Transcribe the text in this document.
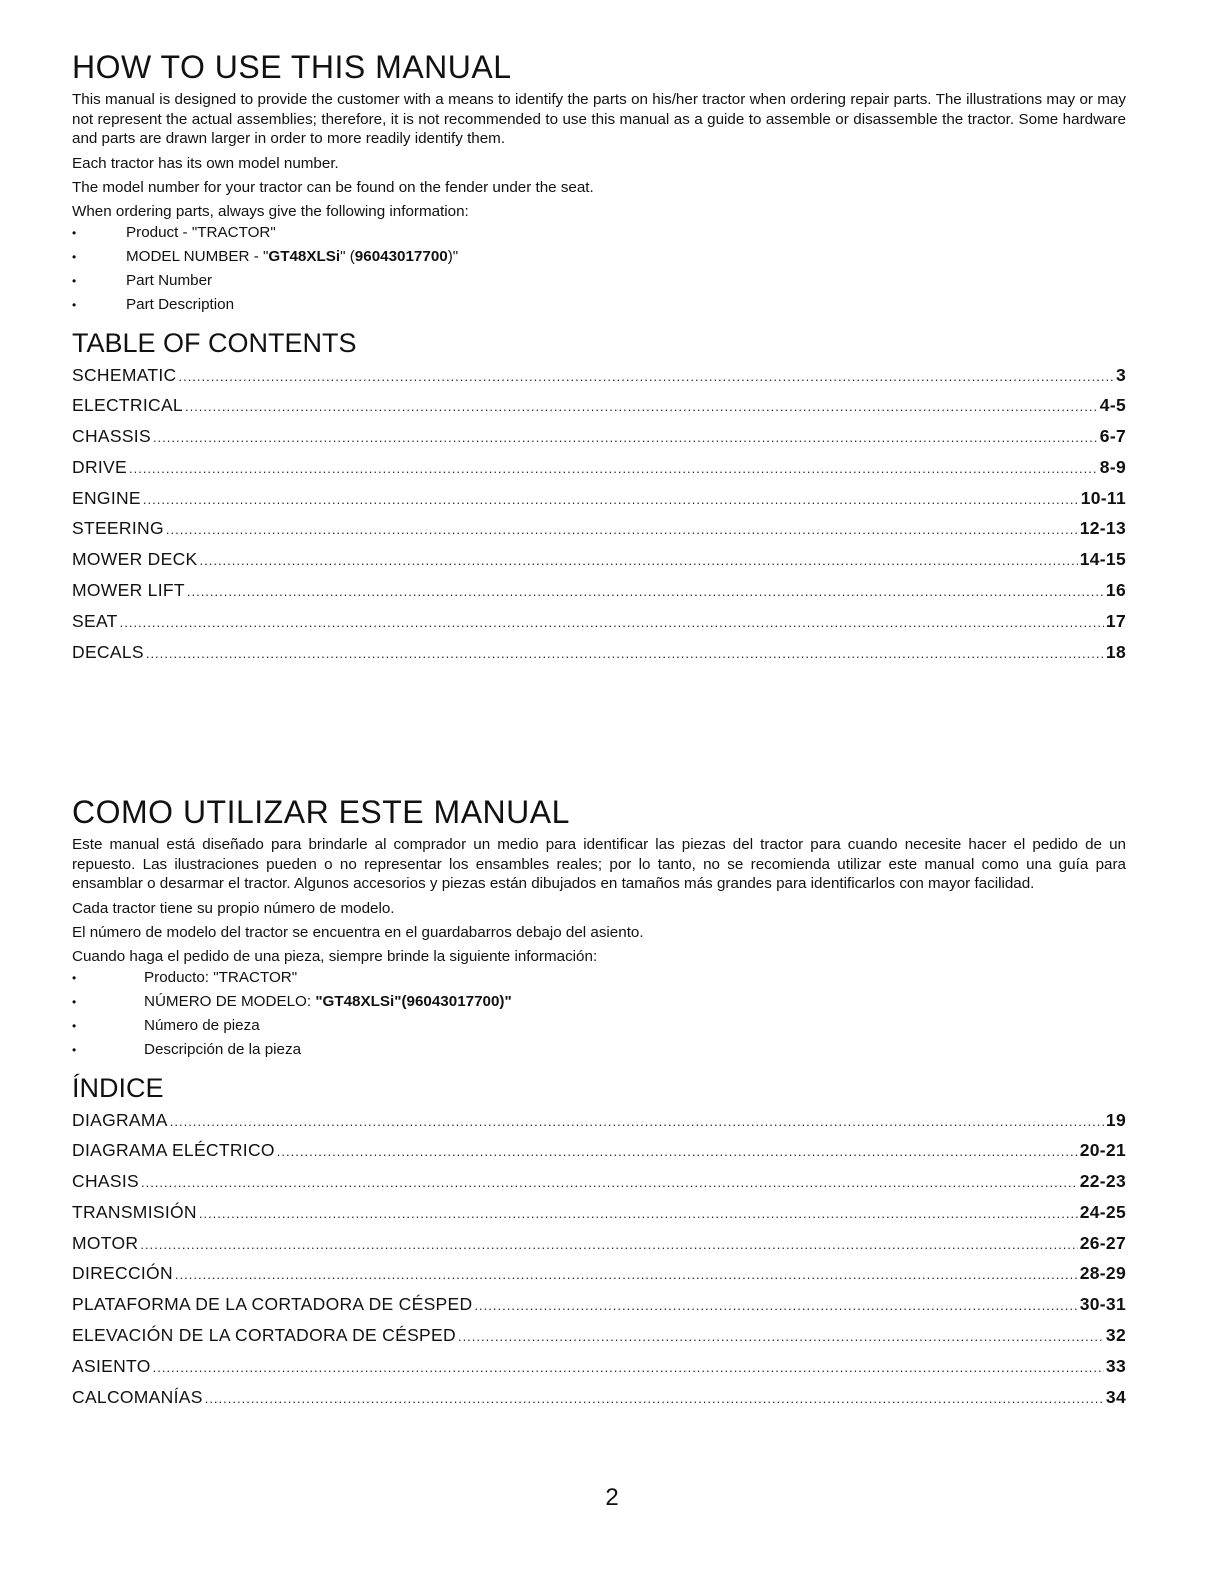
HOW TO USE THIS MANUAL

This manual is designed to provide the customer with a means to identify the parts on his/her tractor when ordering repair parts. The illustrations may or may not represent the actual assemblies; therefore, it is not recommended to use this manual as a guide to assemble or disassemble the tractor. Some hardware and parts are drawn larger in order to more readily identify them.

Each tractor has its own model number.

The model number for your tractor can be found on the fender under the seat.

When ordering parts, always give the following information:

• Product - "TRACTOR"
• MODEL NUMBER - "GT48XLSi" (96043017700)"
• Part Number
• Part Description
TABLE OF CONTENTS
SCHEMATIC .....	3
ELECTRICAL .....	4-5
CHASSIS .....	6-7
DRIVE .....	8-9
ENGINE .....	10-11
STEERING .....	12-13
MOWER DECK .....	14-15
MOWER LIFT .....	16
SEAT .....	17
DECALS .....	18
COMO UTILIZAR ESTE MANUAL

Este manual está diseñado para brindarle al comprador un medio para identificar las piezas del tractor para cuando necesite hacer el pedido de un repuesto. Las ilustraciones pueden o no representar los ensambles reales; por lo tanto, no se recomienda utilizar este manual como una guía para ensamblar o desarmar el tractor. Algunos accesorios y piezas están dibujados en tamaños más grandes para identificarlos con mayor facilidad.

Cada tractor tiene su propio número de modelo.

El número de modelo del tractor se encuentra en el guardabarros debajo del asiento.

Cuando haga el pedido de una pieza, siempre brinde la siguiente información:

• Producto: "TRACTOR"
• NÚMERO DE MODELO: "GT48XLSi"(96043017700)"
• Número de pieza
• Descripción de la pieza
ÍNDICE
DIAGRAMA .....	19
DIAGRAMA ELÉCTRICO .....	20-21
CHASIS .....	22-23
TRANSMISIÓN .....	24-25
MOTOR .....	26-27
DIRECCIÓN .....	28-29
PLATAFORMA DE LA CORTADORA DE CÉSPED .....	30-31
ELEVACIÓN DE LA CORTADORA DE CÉSPED .....	32
ASIENTO .....	33
CALCOMANÍAS .....	34
2
